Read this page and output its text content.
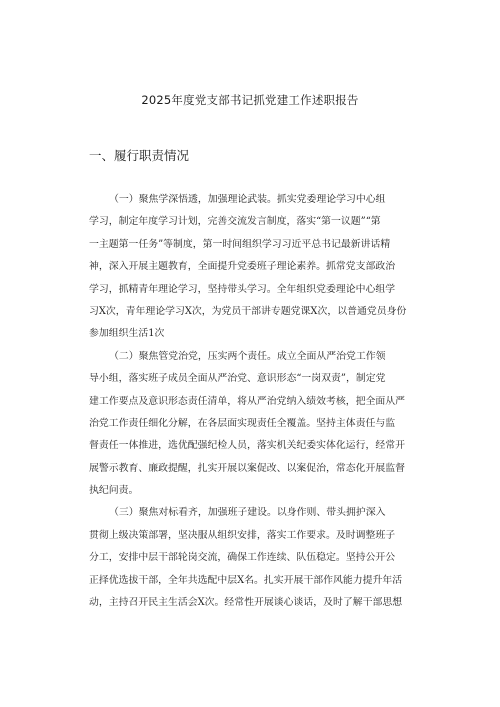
2025年度党支部书记抓党建工作述职报告
一、履行职责情况
（一）聚焦学深悟透，加强理论武装。抓实党委理论学习中心组
学习，制定年度学习计划，完善交流发言制度，落实“第一议题”“第
一主题第一任务”等制度，第一时间组织学习习近平总书记最新讲话精
神，深入开展主题教育，全面提升党委班子理论素养。抓常党支部政治
学习，抓精青年理论学习，坚持带头学习。全年组织党委理论中心组学
习X次，青年理论学习X次，为党员干部讲专题党课X次，以普通党员身份
参加组织生活1次
（二）聚焦管党治党，压实两个责任。成立全面从严治党工作领
导小组，落实班子成员全面从严治党、意识形态“一岗双责”，制定党
建工作要点及意识形态责任清单，将从严治党纳入绩效考核，把全面从严
治党工作责任细化分解，在各层面实现责任全覆盖。坚持主体责任与监
督责任一体推进，选优配强纪检人员，落实机关纪委实体化运行，经常开
展警示教育、廉政提醒，扎实开展以案促改、以案促治，常态化开展监督
执纪问责。
（三）聚焦对标看齐，加强班子建设。以身作则、带头拥护深入
贯彻上级决策部署，坚决服从组织安排，落实工作要求。及时调整班子
分工，安排中层干部轮岗交流，确保工作连续、队伍稳定。坚持公开公
正择优选拔干部，全年共选配中层X名。扎实开展干部作风能力提升年活
动，主持召开民主生活会X次。经常性开展谈心谈话，及时了解干部思想
